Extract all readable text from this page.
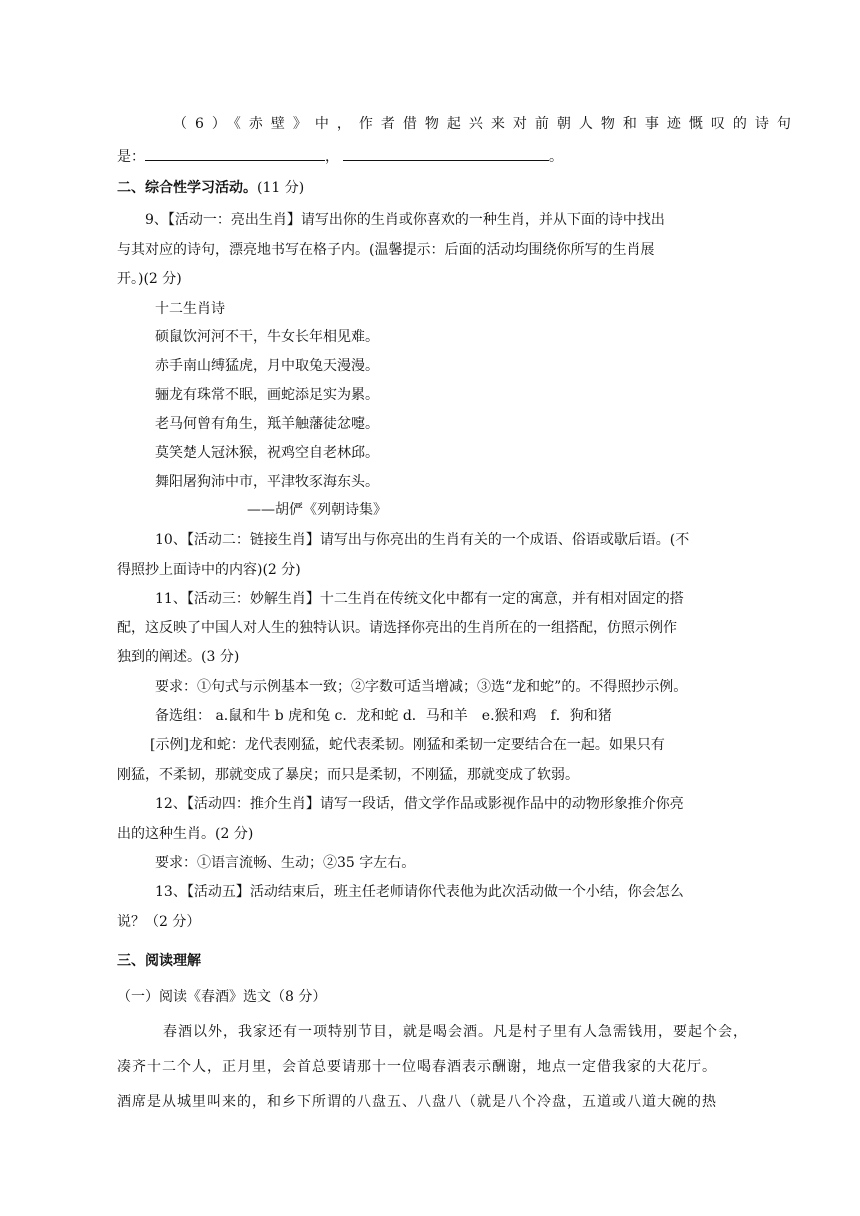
（6）《赤壁》中，作者借物起兴来对前朝人物和事迹慨叹的诗句
是：	，	。
二、综合性学习活动。(11 分)
9、【活动一：亮出生肖】请写出你的生肖或你喜欢的一种生肖，并从下面的诗中找出
与其对应的诗句，漂亮地书写在格子内。(温馨提示：后面的活动均围绕你所写的生肖展
开。)(2 分)
十二生肖诗
硕鼠饮河河不干，牛女长年相见难。
赤手南山缚猛虎，月中取兔天漫漫。
骊龙有珠常不眠，画蛇添足实为累。
老马何曾有角生，羝羊触藩徒忿嚏。
莫笑楚人冠沐猴，祝鸡空自老林邱。
舞阳屠狗沛中市，平津牧豕海东头。
——胡俨《列朝诗集》
10、【活动二：链接生肖】请写出与你亮出的生肖有关的一个成语、俗语或歇后语。(不
得照抄上面诗中的内容)(2 分)
11、【活动三：妙解生肖】十二生肖在传统文化中都有一定的寓意，并有相对固定的搭
配，这反映了中国人对人生的独特认识。请选择你亮出的生肖所在的一组搭配，仿照示例作
独到的阐述。(3 分)
要求：①句式与示例基本一致；②字数可适当增减；③选“龙和蛇”的。不得照抄示例。
备选组： a.鼠和牛 b 虎和兔 c．龙和蛇 d．马和羊　e.猴和鸡　f．狗和猪
[示例]龙和蛇：龙代表刚猛，蛇代表柔韧。刚猛和柔韧一定要结合在一起。如果只有
刚猛，不柔韧，那就变成了暴戾；而只是柔韧，不刚猛，那就变成了软弱。
12、【活动四：推介生肖】请写一段话，借文学作品或影视作品中的动物形象推介你亮
出的这种生肖。(2 分)
要求：①语言流畅、生动；②35 字左右。
13、【活动五】活动结束后，班主任老师请你代表他为此次活动做一个小结，你会怎么
说？（2 分）
三、阅读理解
（一）阅读《春酒》选文（8 分）
春酒以外，我家还有一项特别节目，就是喝会酒。凡是村子里有人急需钱用，要起个会，
凑齐十二个人，正月里，会首总要请那十一位喝春酒表示酬谢，地点一定借我家的大花厅。
酒席是从城里叫来的，和乡下所谓的八盘五、八盘八（就是八个冷盘，五道或八道大碗的热
